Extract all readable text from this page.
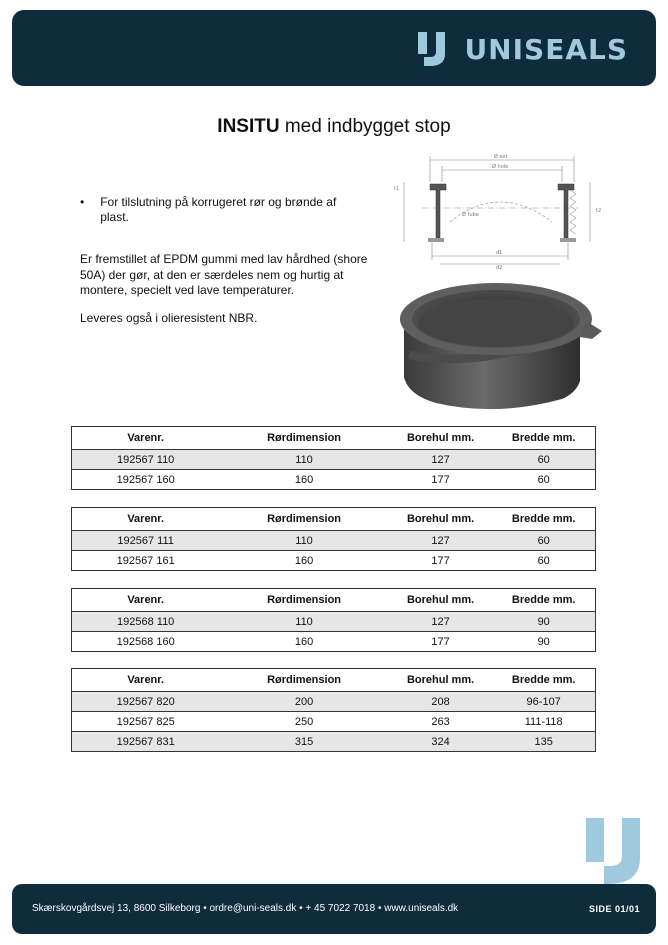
UNISEALS
INSITU med indbygget stop
• For tilslutning på korrugeret rør og brønde af plast.

Er fremstillet af EPDM gummi med lav hårdhed (shore 50A) der gør, at den er særdeles nem og hurtig at montere, specielt ved lave temperaturer.

Leveres også i olieresistent NBR.

Ø ext
Ø hole
Ø tube
d1
d2
t1
t2
Varenr.	Rørdimension	Borehul mm.	Bredde mm.
192567 110	110	127	60
192567 160	160	177	60
Varenr.	Rørdimension	Borehul mm.	Bredde mm.
192567 111	110	127	60
192567 161	160	177	60
Varenr.	Rørdimension	Borehul mm.	Bredde mm.
192568 110	110	127	90
192568 160	160	177	90
Varenr.	Rørdimension	Borehul mm.	Bredde mm.
192567 820	200	208	96-107
192567 825	250	263	111-118
192567 831	315	324	135
Skærskovgårdsvej 13, 8600 Silkeborg • ordre@uni-seals.dk • + 45 7022 7018 • www.uniseals.dk	SIDE 01/01
